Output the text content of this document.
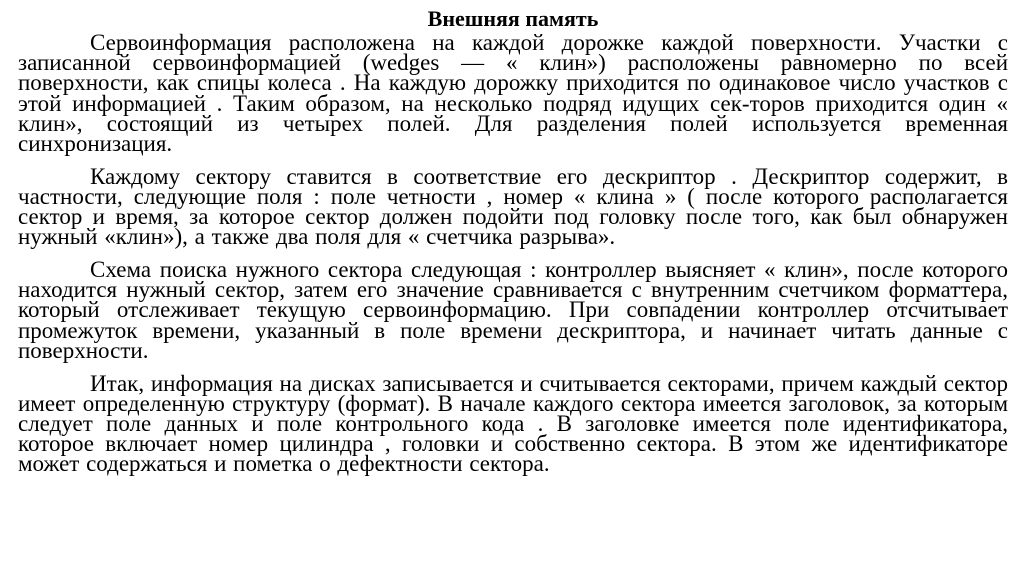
Внешняя память

Сервоинформация расположена на каждой дорожке каждой поверхности. Участки с записанной сервоинформацией (wedges — « клин») расположены равномерно по всей поверхности, как спицы колеса . На каждую дорожку приходится по одинаковое число участков с этой информацией . Таким образом, на несколько подряд идущих сек-торов приходится один « клин», состоящий из четырех полей. Для разделения полей используется временная синхронизация.

Каждому сектору ставится в соответствие его дескриптор . Дескриптор содержит, в частности, следующие поля : поле четности , номер « клина » ( после которого располагается сектор и время, за которое сектор должен подойти под головку после того, как был обнаружен нужный «клин»), а также два поля для « счетчика разрыва».

Схема поиска нужного сектора следующая : контроллер выясняет « клин», после которого находится нужный сектор, затем его значение сравнивается с внутренним счетчиком форматтера, который отслеживает текущую сервоинформацию. При совпадении контроллер отсчитывает промежуток времени, указанный в поле времени дескриптора, и начинает читать данные с поверхности.

Итак, информация на дисках записывается и считывается секторами, причем каждый сектор имеет определенную структуру (формат). В начале каждого сектора имеется заголовок, за которым следует поле данных и поле контрольного кода . В заголовке имеется поле идентификатора, которое включает номер цилиндра , головки и собственно сектора. В этом же идентификаторе может содержаться и пометка о дефектности сектора.
